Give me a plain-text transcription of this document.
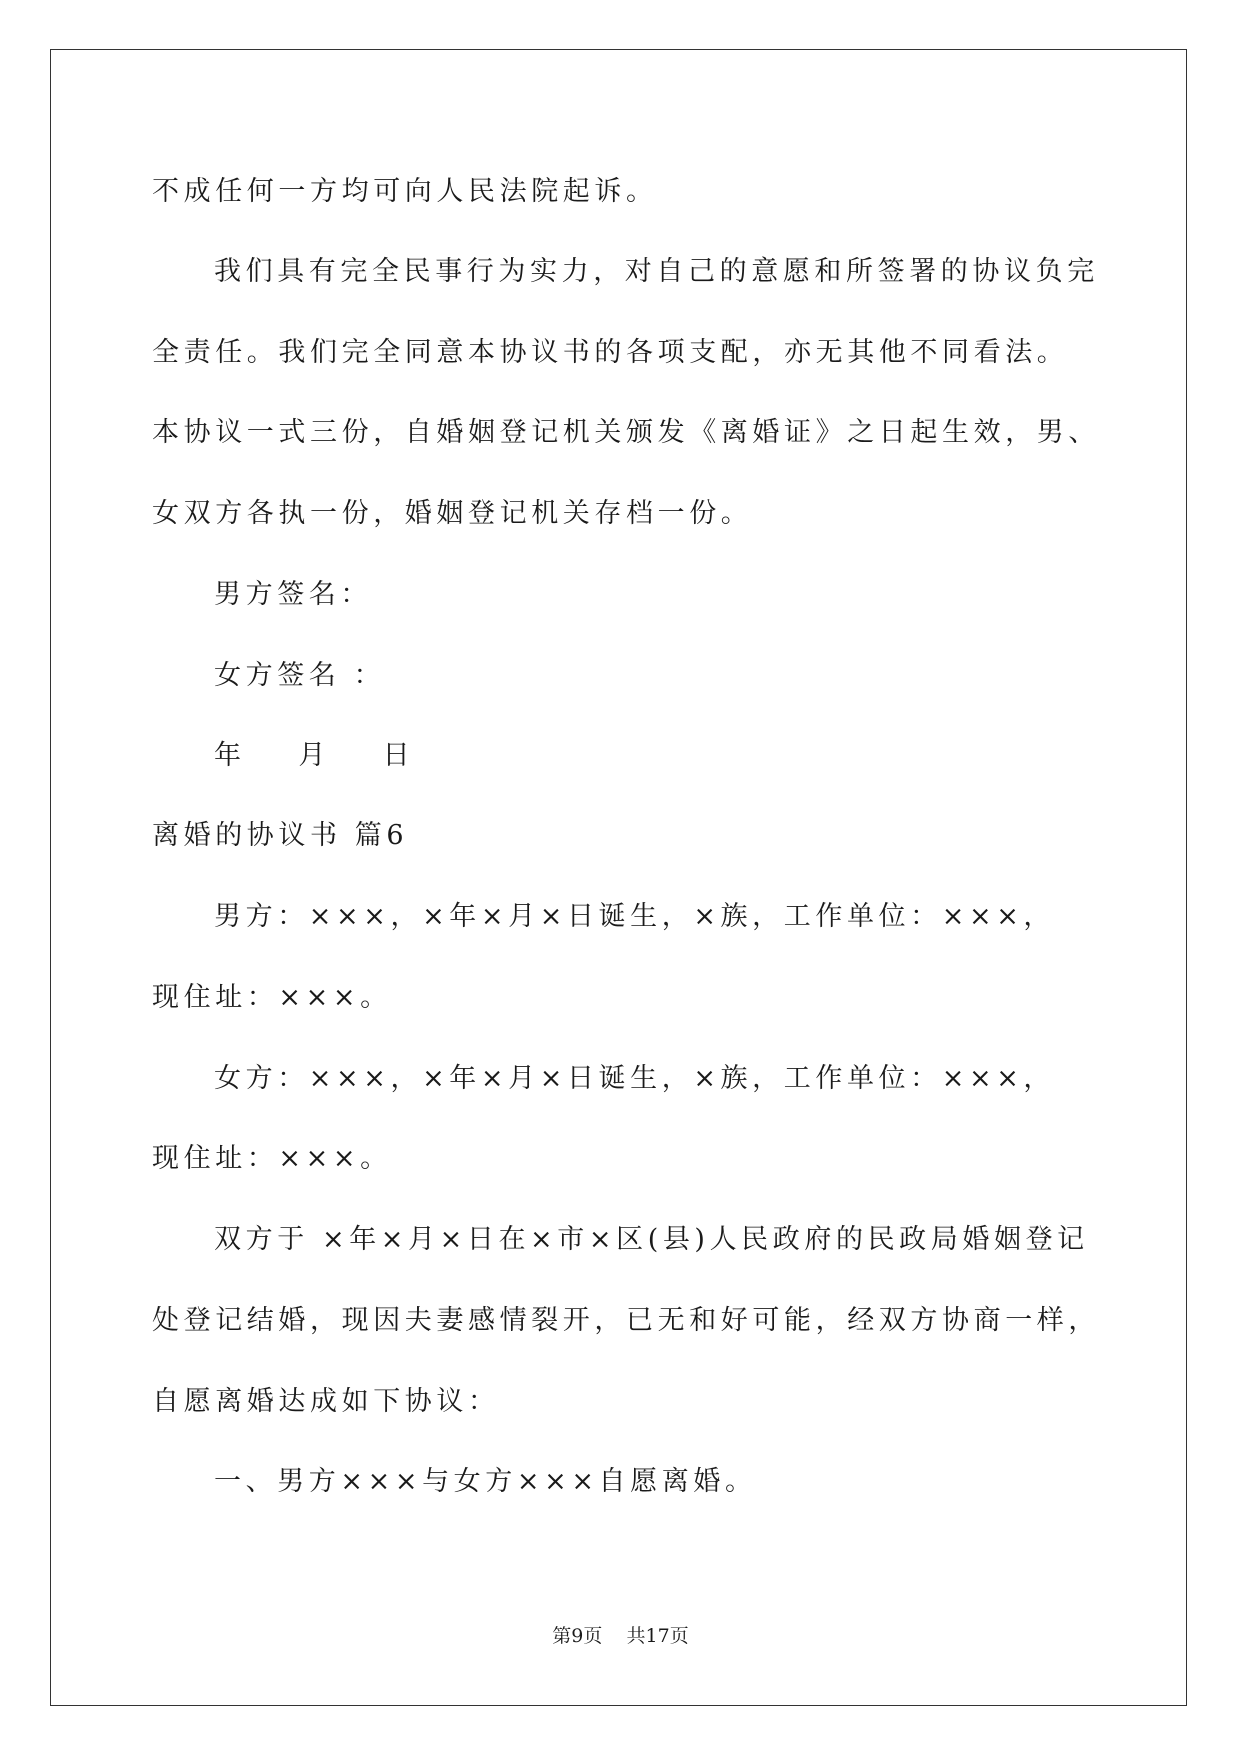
不成任何一方均可向人民法院起诉。
我们具有完全民事行为实力，对自己的意愿和所签署的协议负完
全责任。我们完全同意本协议书的各项支配，亦无其他不同看法。
本协议一式三份，自婚姻登记机关颁发《离婚证》之日起生效，男、
女双方各执一份，婚姻登记机关存档一份。
男方签名：
女方签名 ：
年    月    日
离婚的协议书 篇6
男方：×××，×年×月×日诞生，×族，工作单位：×××，
现住址：×××。
女方：×××，×年×月×日诞生，×族，工作单位：×××，
现住址：×××。
双方于 ×年×月×日在×市×区(县)人民政府的民政局婚姻登记
处登记结婚，现因夫妻感情裂开，已无和好可能，经双方协商一样，
自愿离婚达成如下协议：
一、男方×××与女方×××自愿离婚。
第9页    共17页
